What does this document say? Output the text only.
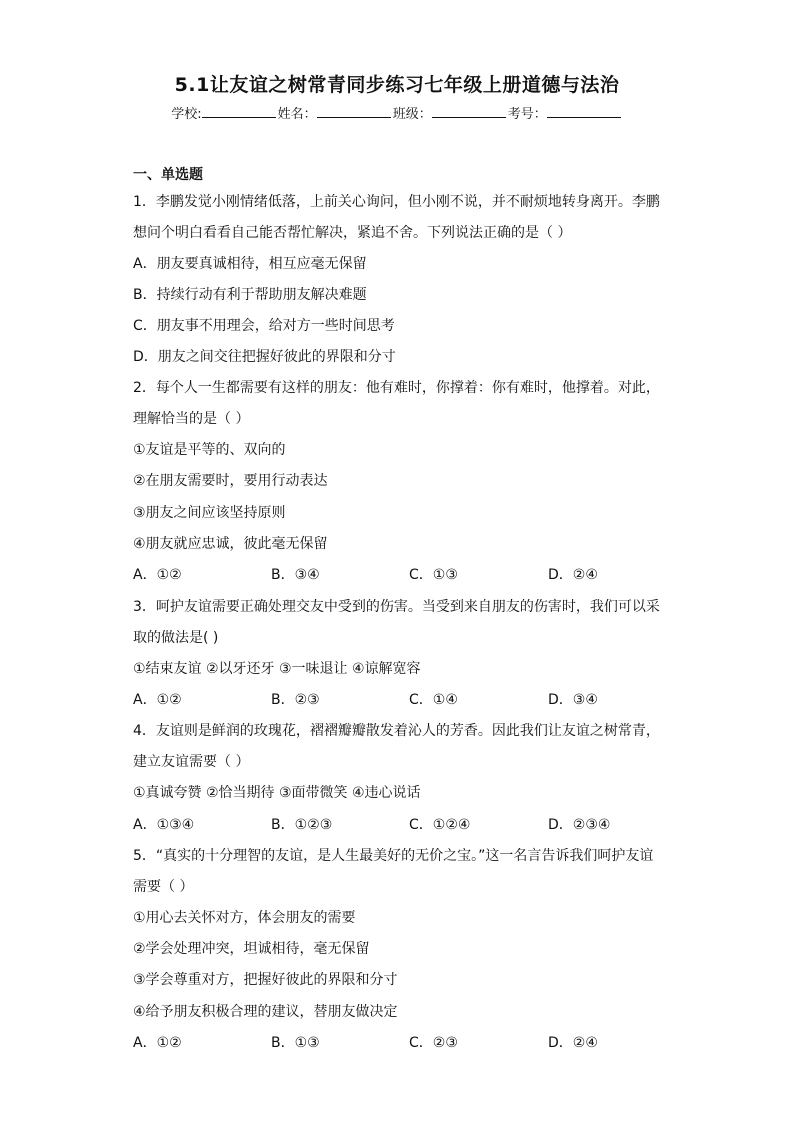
5.1让友谊之树常青同步练习七年级上册道德与法治
学校:	姓名：	班级：	考号：
一、单选题
1．李鹏发觉小刚情绪低落，上前关心询问，但小刚不说，并不耐烦地转身离开。李鹏
想问个明白看看自己能否帮忙解决，紧追不舍。下列说法正确的是（ ）
A．朋友要真诚相待，相互应毫无保留
B．持续行动有利于帮助朋友解决难题
C．朋友事不用理会，给对方一些时间思考
D．朋友之间交往把握好彼此的界限和分寸
2．每个人一生都需要有这样的朋友：他有难时，你撑着：你有难时，他撑着。对此，
理解恰当的是（ ）
①友谊是平等的、双向的
②在朋友需要时，要用行动表达
③朋友之间应该坚持原则
④朋友就应忠诚，彼此毫无保留
A．①②	B．③④	C．①③	D．②④
3．呵护友谊需要正确处理交友中受到的伤害。当受到来自朋友的伤害时，我们可以采
取的做法是( )
①结束友谊 ②以牙还牙 ③一味退让 ④谅解宽容
A．①②	B．②③	C．①④	D．③④
4．友谊则是鲜润的玫瑰花，褶褶瓣瓣散发着沁人的芳香。因此我们让友谊之树常青，
建立友谊需要（ ）
①真诚夸赞 ②恰当期待 ③面带微笑 ④违心说话
A．①③④	B．①②③	C．①②④	D．②③④
5．“真实的十分理智的友谊，是人生最美好的无价之宝。”这一名言告诉我们呵护友谊
需要（ ）
①用心去关怀对方，体会朋友的需要
②学会处理冲突，坦诚相待，毫无保留
③学会尊重对方，把握好彼此的界限和分寸
④给予朋友积极合理的建议，替朋友做决定
A．①②	B．①③	C．②③	D．②④
